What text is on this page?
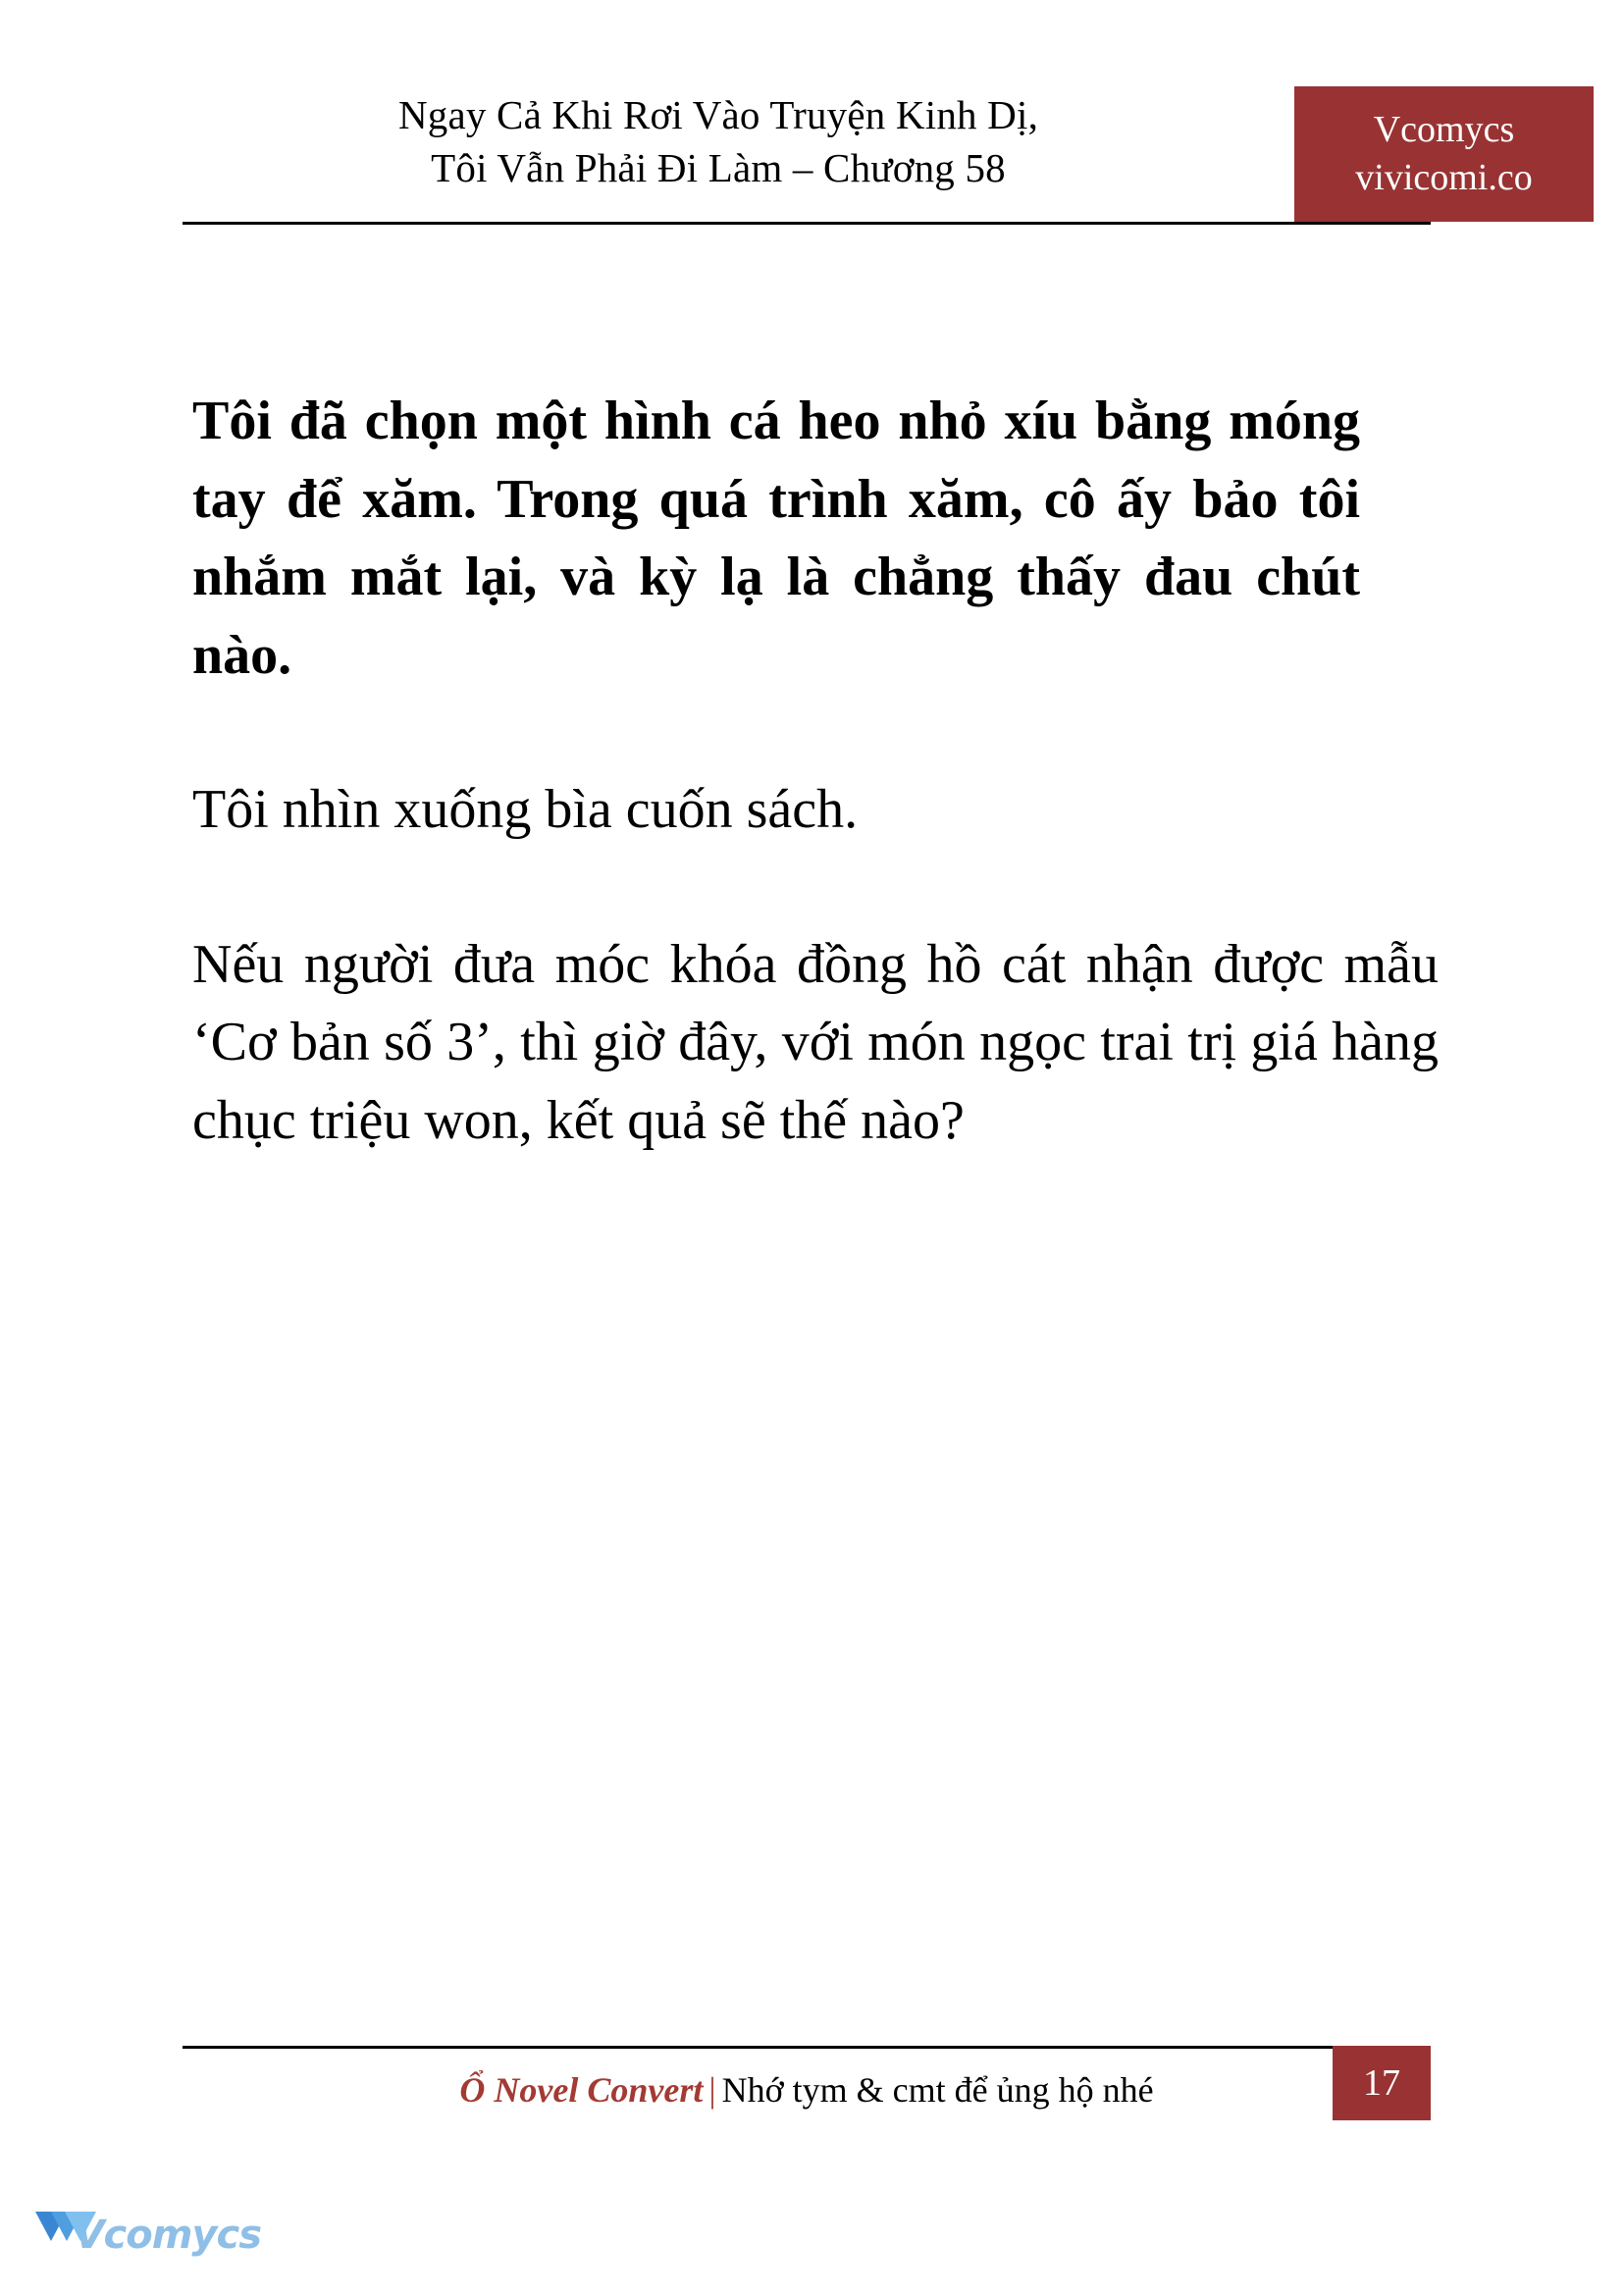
Ngay Cả Khi Rơi Vào Truyện Kinh Dị,
Tôi Vẫn Phải Đi Làm – Chương 58
Vcomycs
vivicomi.co

Tôi đã chọn một hình cá heo nhỏ xíu bằng móng tay để xăm. Trong quá trình xăm, cô ấy bảo tôi nhắm mắt lại, và kỳ lạ là chẳng thấy đau chút nào.

Tôi nhìn xuống bìa cuốn sách.

Nếu người đưa móc khóa đồng hồ cát nhận được mẫu ‘Cơ bản số 3’, thì giờ đây, với món ngọc trai trị giá hàng chục triệu won, kết quả sẽ thế nào?

Ổ Novel Convert | Nhớ tym & cmt để ủng hộ nhé	17
Vcomycs
